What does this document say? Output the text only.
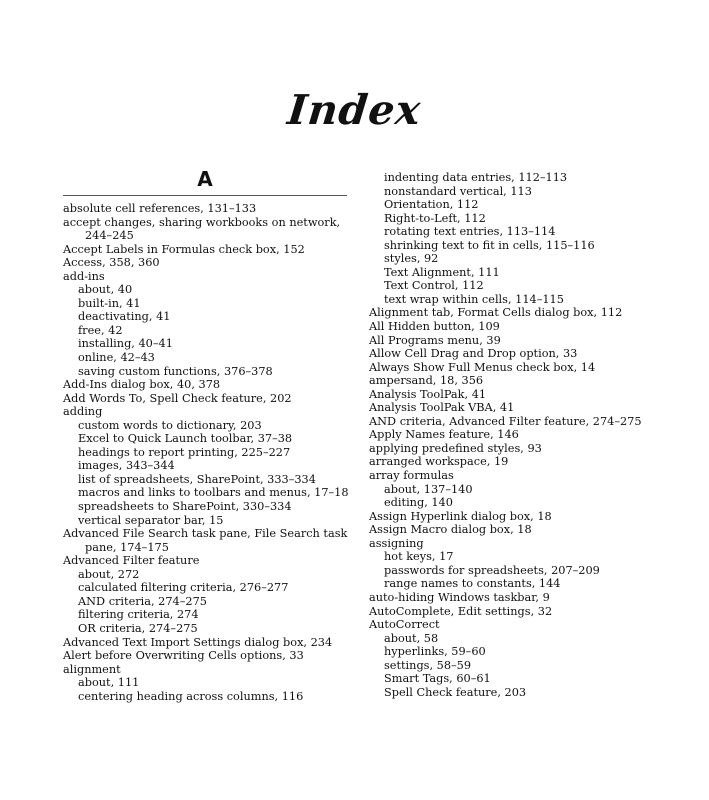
Index
A
absolute cell references, 131–133
accept changes, sharing workbooks on network,
244–245
Accept Labels in Formulas check box, 152
Access, 358, 360
add-ins
about, 40
built-in, 41
deactivating, 41
free, 42
installing, 40–41
online, 42–43
saving custom functions, 376–378
Add-Ins dialog box, 40, 378
Add Words To, Spell Check feature, 202
adding
custom words to dictionary, 203
Excel to Quick Launch toolbar, 37–38
headings to report printing, 225–227
images, 343–344
list of spreadsheets, SharePoint, 333–334
macros and links to toolbars and menus, 17–18
spreadsheets to SharePoint, 330–334
vertical separator bar, 15
Advanced File Search task pane, File Search task
pane, 174–175
Advanced Filter feature
about, 272
calculated filtering criteria, 276–277
AND criteria, 274–275
filtering criteria, 274
OR criteria, 274–275
Advanced Text Import Settings dialog box, 234
Alert before Overwriting Cells options, 33
alignment
about, 111
centering heading across columns, 116
indenting data entries, 112–113
nonstandard vertical, 113
Orientation, 112
Right-to-Left, 112
rotating text entries, 113–114
shrinking text to fit in cells, 115–116
styles, 92
Text Alignment, 111
Text Control, 112
text wrap within cells, 114–115
Alignment tab, Format Cells dialog box, 112
All Hidden button, 109
All Programs menu, 39
Allow Cell Drag and Drop option, 33
Always Show Full Menus check box, 14
ampersand, 18, 356
Analysis ToolPak, 41
Analysis ToolPak VBA, 41
AND criteria, Advanced Filter feature, 274–275
Apply Names feature, 146
applying predefined styles, 93
arranged workspace, 19
array formulas
about, 137–140
editing, 140
Assign Hyperlink dialog box, 18
Assign Macro dialog box, 18
assigning
hot keys, 17
passwords for spreadsheets, 207–209
range names to constants, 144
auto-hiding Windows taskbar, 9
AutoComplete, Edit settings, 32
AutoCorrect
about, 58
hyperlinks, 59–60
settings, 58–59
Smart Tags, 60–61
Spell Check feature, 203
